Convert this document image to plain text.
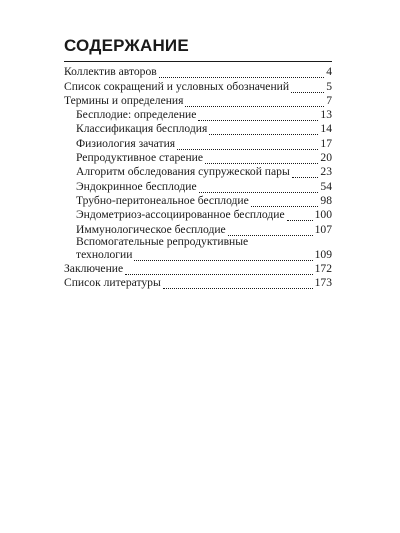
СОДЕРЖАНИЕ
Коллектив авторов	4
Список сокращений и условных обозначений	5
Термины и определения	7
Бесплодие: определение	13
Классификация бесплодия	14
Физиология зачатия	17
Репродуктивное старение	20
Алгоритм обследования супружеской пары	23
Эндокринное бесплодие	54
Трубно-перитонеальное бесплодие	98
Эндометриоз-ассоциированное бесплодие	100
Иммунологическое бесплодие	107
Вспомогательные репродуктивные
технологии	109
Заключение	172
Список литературы	173
